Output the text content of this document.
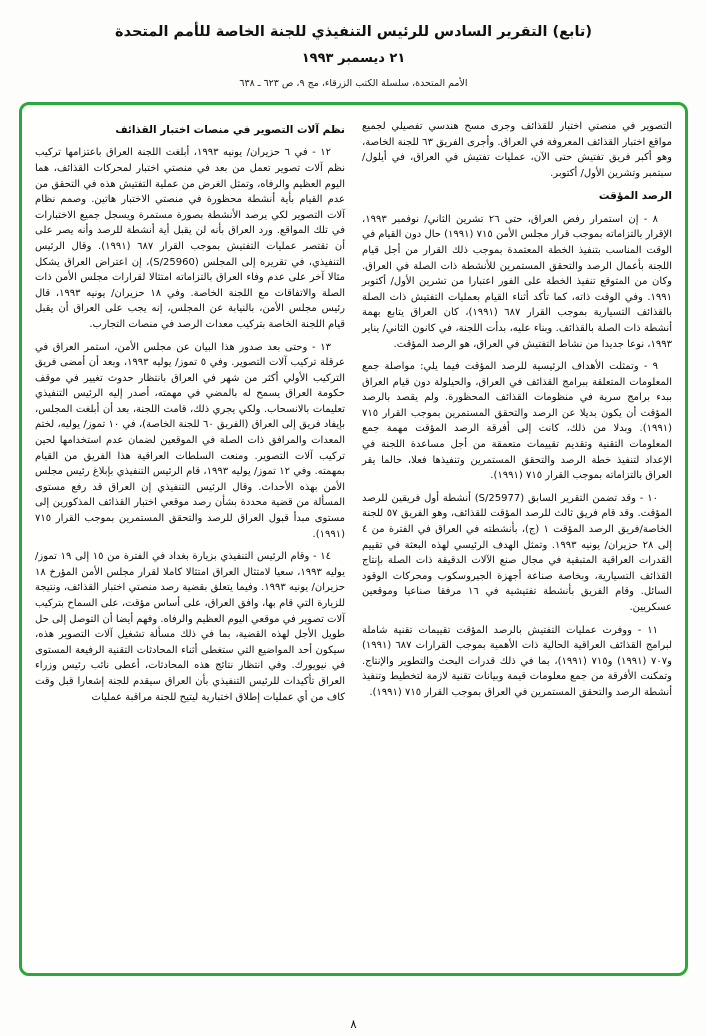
(تابع) التقرير السادس للرئيس التنفيذي للجنة الخاصة للأمم المتحدة
٢١ ديسمبر ١٩٩٣
الأمم المتحدة، سلسلة الكتب الزرقاء، مج ٩، ص ٦٢٣ ـ ٦٣٨

التصوير في منصتي اختبار للقذائف وجرى مسح هندسي تفصيلي لجميع مواقع اختبار القذائف المعروفة في العراق. وأجرى الفريق ٦٣ للجنة الخاصة، وهو أكبر فريق تفتيش حتى الآن، عمليات تفتيش في العراق، في أيلول/ سبتمبر وتشرين الأول/ أكتوبر.

الرصد المؤقت

٨ - إن استمرار رفض العراق، حتى ٢٦ تشرين الثاني/ نوفمبر ١٩٩٣، الإقرار بالتزاماته بموجب قرار مجلس الأمن ٧١٥ (١٩٩١) حال دون القيام في الوقت المناسب بتنفيذ الخطة المعتمدة بموجب ذلك القرار من أجل قيام اللجنة بأعمال الرصد والتحقق المستمرين للأنشطة ذات الصلة في العراق. وكان من المتوقع تنفيذ الخطة على الفور اعتبارا من تشرين الأول/ أكتوبر ١٩٩١. وفي الوقت ذاته، كما تأكد أثناء القيام بعمليات التفتيش ذات الصلة بالقذائف التسيارية بموجب القرار ٦٨٧ (١٩٩١)، كان العراق يتابع بهمة أنشطة ذات الصلة بالقذائف. وبناء عليه، بدأت اللجنة، في كانون الثاني/ يناير ١٩٩٣، نوعا جديدا من نشاط التفتيش في العراق، هو الرصد المؤقت.

٩ - وتمثلت الأهداف الرئيسية للرصد المؤقت فيما يلي: مواصلة جمع المعلومات المتعلقة ببرامج القذائف في العراق، والحيلولة دون قيام العراق ببدء برامج سرية في منظومات القذائف المحظورة. ولم يقصد بالرصد المؤقت أن يكون بديلا عن الرصد والتحقق المستمرين بموجب القرار ٧١٥ (١٩٩١). وبدلا من ذلك، كانت إلى أفرقة الرصد المؤقت مهمة جمع المعلومات التقنية وتقديم تقييمات متعمقة من أجل مساعدة اللجنة في الإعداد لتنفيذ خطة الرصد والتحقق المستمرين وتنفيذها فعلا، حالما يقر العراق بالتزاماته بموجب القرار ٧١٥ (١٩٩١).

١٠ - وقد تضمن التقرير السابق (S/25977) أنشطة أول فريقين للرصد المؤقت. وقد قام فريق ثالث للرصد المؤقت للقذائف، وهو الفريق ٥٧ للجنة الخاصة/فريق الرصد المؤقت ١ (ج)، بأنشطته في العراق في الفترة من ٤ إلى ٢٨ حزيران/ يونيه ١٩٩٣. وتمثل الهدف الرئيسي لهذه البعثة في تقييم القدرات العراقية المتبقية في مجال صنع الآلات الدقيقة ذات الصلة بإنتاج القذائف التسيارية، وبخاصة صناعة أجهزة الجيروسكوب ومحركات الوقود السائل. وقام الفريق بأنشطة تفتيشية في ١٦ مرفقا صناعيا وموقعين عسكريين.

١١ - ووفرت عمليات التفتيش بالرصد المؤقت تقييمات تقنية شاملة لبرامج القذائف العراقية الحالية ذات الأهمية بموجب القرارات ٦٨٧ (١٩٩١) و٧٠٧ (١٩٩١) و٧١٥ (١٩٩١)، بما في ذلك قدرات البحث والتطوير والإنتاج. وتمكنت الأفرقة من جمع معلومات قيمة وبيانات تقنية لازمة لتخطيط وتنفيذ أنشطة الرصد والتحقق المستمرين في العراق بموجب القرار ٧١٥ (١٩٩١).

نظم آلات التصوير في منصات اختبار القذائف

١٢ - في ٦ حزيران/ يونيه ١٩٩٣، أبلغت اللجنة العراق باعتزامها تركيب نظم آلات تصوير تعمل من بعد في منصتي اختبار لمحركات القذائف، هما اليوم العظيم والرفاه، وتمثل الغرض من عملية التفتيش هذه في التحقق من عدم القيام بأية أنشطة محظورة في منصتي الاختبار هاتين. وصمم نظام آلات التصوير لكي يرصد الأنشطة بصورة مستمرة ويسجل جميع الاختبارات في تلك المواقع. ورد العراق بأنه لن يقبل أية أنشطة للرصد وأنه يصر على أن تقتصر عمليات التفتيش بموجب القرار ٦٨٧ (١٩٩١). وقال الرئيس التنفيذي، في تقريره إلى المجلس (S/25960)، إن اعتراض العراق يشكل مثالا آخر على عدم وفاء العراق بالتزاماته امتثالا لقرارات مجلس الأمن ذات الصلة والاتفاقات مع اللجنة الخاصة. وفي ١٨ حزيران/ يونيه ١٩٩٣، قال رئيس مجلس الأمن، بالنيابة عن المجلس، إنه يجب على العراق أن يقبل قيام اللجنة الخاصة بتركيب معدات الرصد في منصات التجارب.

١٣ - وحتى بعد صدور هذا البيان عن مجلس الأمن، استمر العراق في عرقلة تركيب آلات التصوير. وفي ٥ تموز/ يوليه ١٩٩٣، وبعد أن أمضى فريق التركيب الأولي أكثر من شهر في العراق بانتظار حدوث تغيير في موقف حكومة العراق يسمح له بالمضي في مهمته، أصدر إليه الرئيس التنفيذي تعليمات بالانسحاب. ولكي يجري ذلك، قامت اللجنة، بعد أن أبلغت المجلس، بإيفاد فريق إلى العراق (الفريق ٦٠ للجنة الخاصة)، في ١٠ تموز/ يوليه، لختم المعدات والمرافق ذات الصلة في الموقعين لضمان عدم استخدامها لحين تركيب آلات التصوير. ومنعت السلطات العراقية هذا الفريق من القيام بمهمته. وفي ١٢ تموز/ يوليه ١٩٩٣، قام الرئيس التنفيذي بإبلاغ رئيس مجلس الأمن بهذه الأحداث. وقال الرئيس التنفيذي إن العراق قد رفع مستوى المسألة من قضية محددة بشأن رصد موقعي اختبار القذائف المذكورين إلى مستوى مبدأ قبول العراق للرصد والتحقق المستمرين بموجب القرار ٧١٥ (١٩٩١).

١٤ - وقام الرئيس التنفيذي بزيارة بغداد في الفترة من ١٥ إلى ١٩ تموز/ يوليه ١٩٩٣، سعيا لامتثال العراق امتثالا كاملا لقرار مجلس الأمن المؤرخ ١٨ حزيران/ يونيه ١٩٩٣. وفيما يتعلق بقضية رصد منصتي اختبار القذائف، ونتيجة للزيارة التي قام بها، وافق العراق، على أساس مؤقت، على السماح بتركيب آلات تصوير في موقعي اليوم العظيم والرفاه. وفهم أيضا أن التوصل إلى حل طويل الأجل لهذه القضية، بما في ذلك مسألة تشغيل آلات التصوير هذه، سيكون أحد المواضيع التي ستغطى أثناء المحادثات التقنية الرفيعة المستوى في نيويورك. وفي انتظار نتائج هذه المحادثات، أعطى نائب رئيس وزراء العراق تأكيدات للرئيس التنفيذي بأن العراق سيقدم للجنة إشعارا قبل وقت كاف من أي عمليات إطلاق اختبارية ليتيح للجنة مراقبة عمليات

٨
